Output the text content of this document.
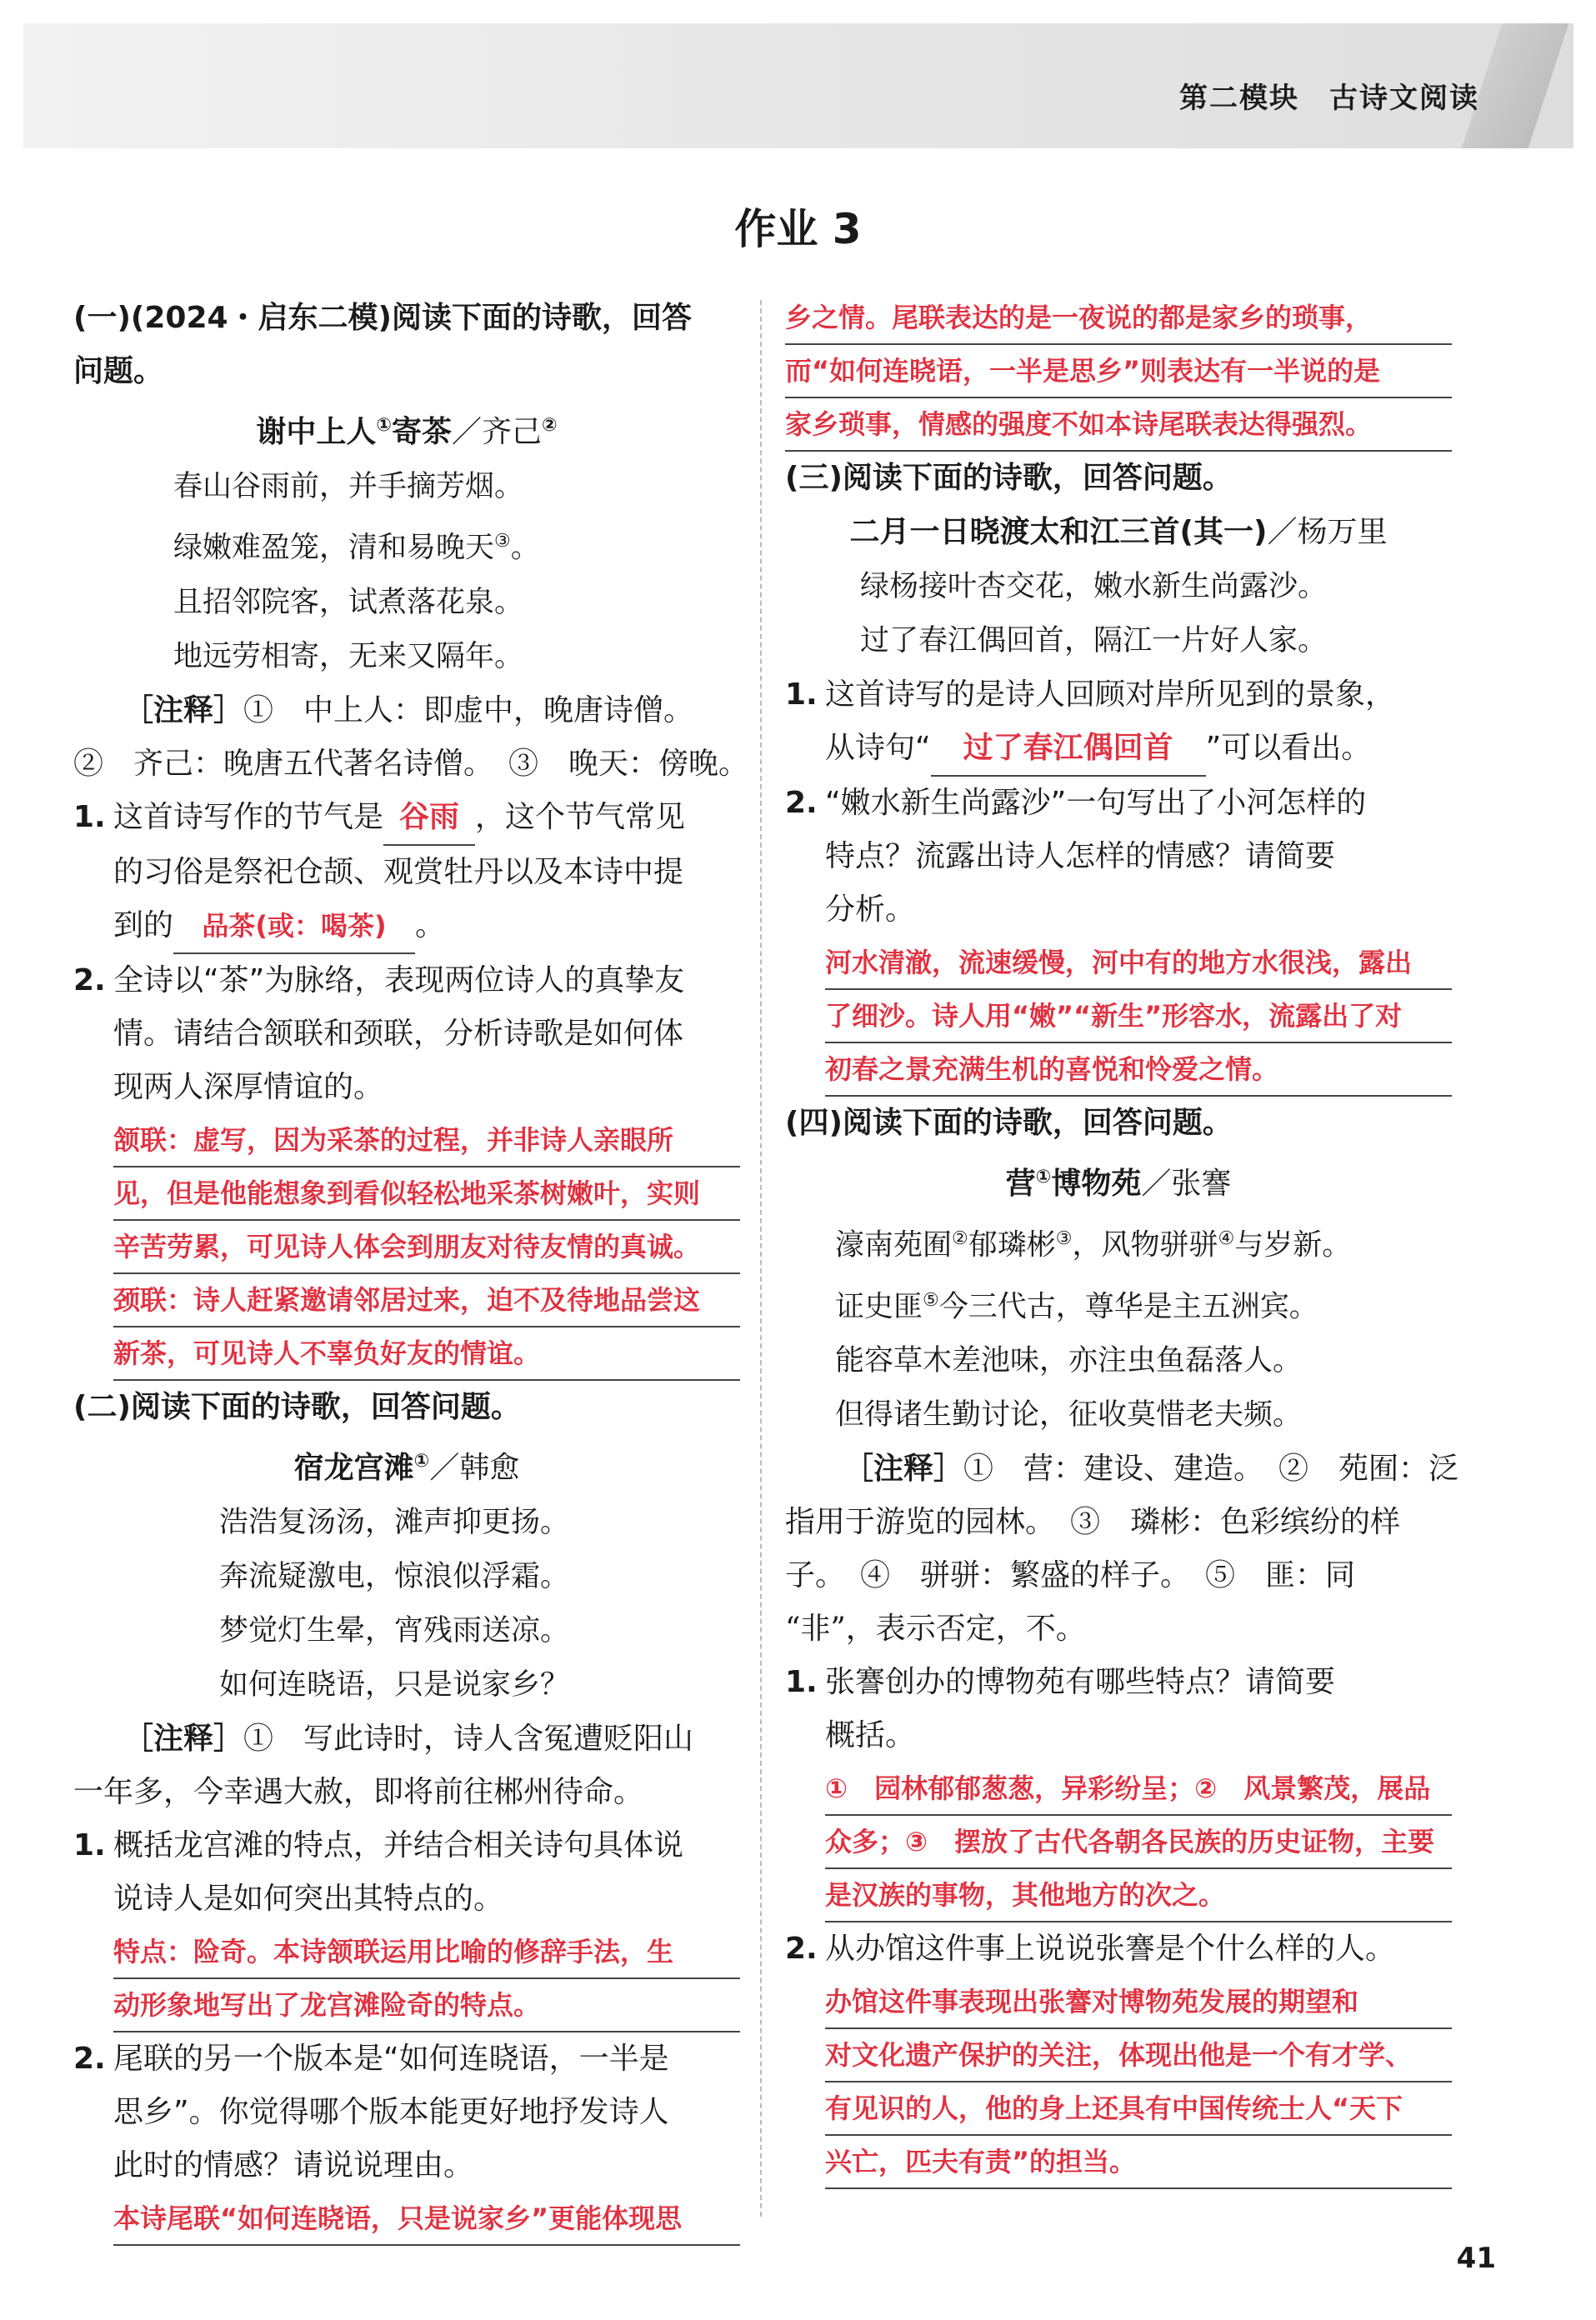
第二模块　古诗文阅读
作业 3
(一)(2024・启东二模)阅读下面的诗歌，回答
问题。
谢中上人①寄茶／齐己②
春山谷雨前，并手摘芳烟。
绿嫩难盈笼，清和易晚天③。
且招邻院客，试煮落花泉。
地远劳相寄，无来又隔年。
［注释］①　中上人：即虚中，晚唐诗僧。
②　齐己：晚唐五代著名诗僧。　③　晚天：傍晚。
1. 这首诗写作的节气是 谷雨 ，这个节气常见
的习俗是祭祀仓颉、观赏牡丹以及本诗中提
到的 品茶(或：喝茶) 。
2. 全诗以“茶”为脉络，表现两位诗人的真挚友
情。请结合颔联和颈联，分析诗歌是如何体
现两人深厚情谊的。
颔联：虚写，因为采茶的过程，并非诗人亲眼所
见，但是他能想象到看似轻松地采茶树嫩叶，实则
辛苦劳累，可见诗人体会到朋友对待友情的真诚。
颈联：诗人赶紧邀请邻居过来，迫不及待地品尝这
新茶，可见诗人不辜负好友的情谊。
(二)阅读下面的诗歌，回答问题。
宿龙宫滩①／韩愈
浩浩复汤汤，滩声抑更扬。
奔流疑激电，惊浪似浮霜。
梦觉灯生晕，宵残雨送凉。
如何连晓语，只是说家乡？
［注释］①　写此诗时，诗人含冤遭贬阳山
一年多，今幸遇大赦，即将前往郴州待命。
1. 概括龙宫滩的特点，并结合相关诗句具体说
说诗人是如何突出其特点的。
特点：险奇。本诗颔联运用比喻的修辞手法，生
动形象地写出了龙宫滩险奇的特点。
2. 尾联的另一个版本是“如何连晓语，一半是
思乡”。你觉得哪个版本能更好地抒发诗人
此时的情感？请说说理由。
本诗尾联“如何连晓语，只是说家乡”更能体现思
乡之情。尾联表达的是一夜说的都是家乡的琐事，
而“如何连晓语，一半是思乡”则表达有一半说的是
家乡琐事，情感的强度不如本诗尾联表达得强烈。
(三)阅读下面的诗歌，回答问题。
二月一日晓渡太和江三首(其一)／杨万里
绿杨接叶杏交花，嫩水新生尚露沙。
过了春江偶回首，隔江一片好人家。
1. 这首诗写的是诗人回顾对岸所见到的景象，
从诗句“ 过了春江偶回首 ”可以看出。
2. “嫩水新生尚露沙”一句写出了小河怎样的
特点？流露出诗人怎样的情感？请简要
分析。
河水清澈，流速缓慢，河中有的地方水很浅，露出
了细沙。诗人用“嫩”“新生”形容水，流露出了对
初春之景充满生机的喜悦和怜爱之情。
(四)阅读下面的诗歌，回答问题。
营①博物苑／张謇
濠南苑囿②郁璘彬③，风物骈骈④与岁新。
证史匪⑤今三代古，尊华是主五洲宾。
能容草木差池味，亦注虫鱼磊落人。
但得诸生勤讨论，征收莫惜老夫频。
［注释］①　营：建设、建造。　②　苑囿：泛
指用于游览的园林。　③　璘彬：色彩缤纷的样
子。　④　骈骈：繁盛的样子。　⑤　匪：同
“非”，表示否定，不。
1. 张謇创办的博物苑有哪些特点？请简要
概括。
①　园林郁郁葱葱，异彩纷呈；②　风景繁茂，展品
众多；③　摆放了古代各朝各民族的历史证物，主要
是汉族的事物，其他地方的次之。
2. 从办馆这件事上说说张謇是个什么样的人。
办馆这件事表现出张謇对博物苑发展的期望和
对文化遗产保护的关注，体现出他是一个有才学、
有见识的人，他的身上还具有中国传统士人“天下
兴亡，匹夫有责”的担当。
41
